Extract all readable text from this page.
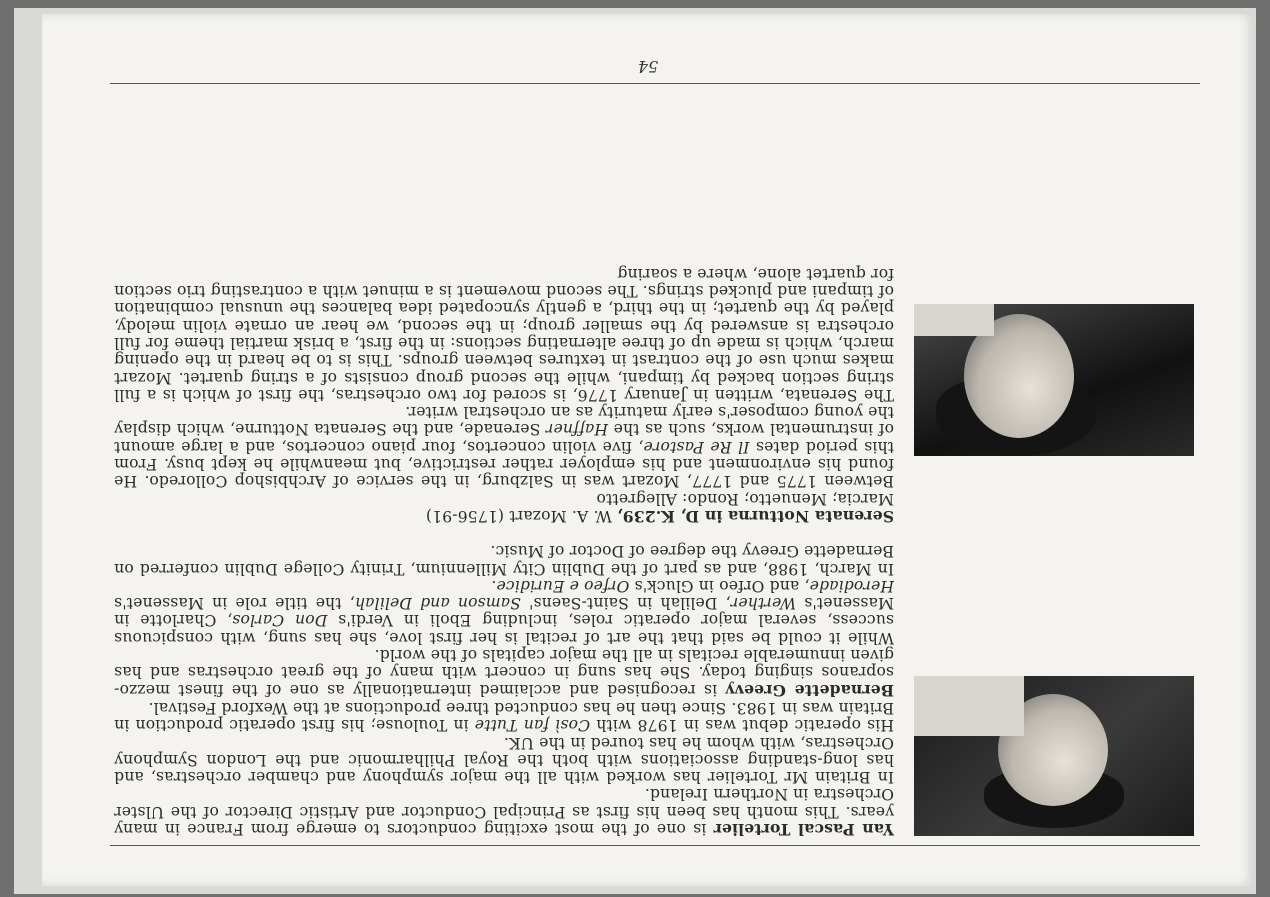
Yan Pascal Tortelier is one of the most exciting conductors to emerge from France in many years. This month has been his first as Principal Conductor and Artistic Director of the Ulster Orchestra in Northern Ireland.

In Britain Mr Tortelier has worked with all the major symphony and chamber orchestras, and has long-standing associations with both the Royal Philharmonic and the London Symphony Orchestras, with whom he has toured in the UK.

His operatic debut was in 1978 with Così fan Tutte in Toulouse; his first operatic production in Britain was in 1983. Since then he has conducted three productions at the Wexford Festival.

Bernadette Greevy is recognised and acclaimed internationally as one of the finest mezzo-sopranos singing today. She has sung in concert with many of the great orchestras and has given innumerable recitals in all the major capitals of the world.

While it could be said that the art of recital is her first love, she has sung, with conspicuous success, several major operatic roles, including Eboli in Verdi's Don Carlos, Charlotte in Massenet's Werther, Delilah in Saint-Saens' Samson and Delilah, the title role in Massenet's Herodiade, and Orfeo in Gluck's Orfeo e Euridice.

In March, 1988, and as part of the Dublin City Millennium, Trinity College Dublin conferred on Bernadette Greevy the degree of Doctor of Music.

Serenata Notturna in D, K.239, W. A. Mozart (1756-91)

Marcia; Menuetto; Rondo: Allegretto

Between 1775 and 1777, Mozart was in Salzburg, in the service of Archbishop Colloredo. He found his environment and his employer rather restrictive, but meanwhile he kept busy. From this period dates Il Re Pastore, five violin concertos, four piano concertos, and a large amount of instrumental works, such as the Haffner Serenade, and the Serenata Notturne, which display the young composer's early maturity as an orchestral writer.

The Serenata, written in January 1776, is scored for two orchestras, the first of which is a full string section backed by timpani, while the second group consists of a string quartet. Mozart makes much use of the contrast in textures between groups. This is to be heard in the opening march, which is made up of three alternating sections: in the first, a brisk martial theme for full orchestra is answered by the smaller group; in the second, we hear an ornate violin melody, played by the quartet; in the third, a gently syncopated idea balances the unusual combination of timpani and plucked strings. The second movement is a minuet with a contrasting trio section for quartet alone, where a soaring

54
